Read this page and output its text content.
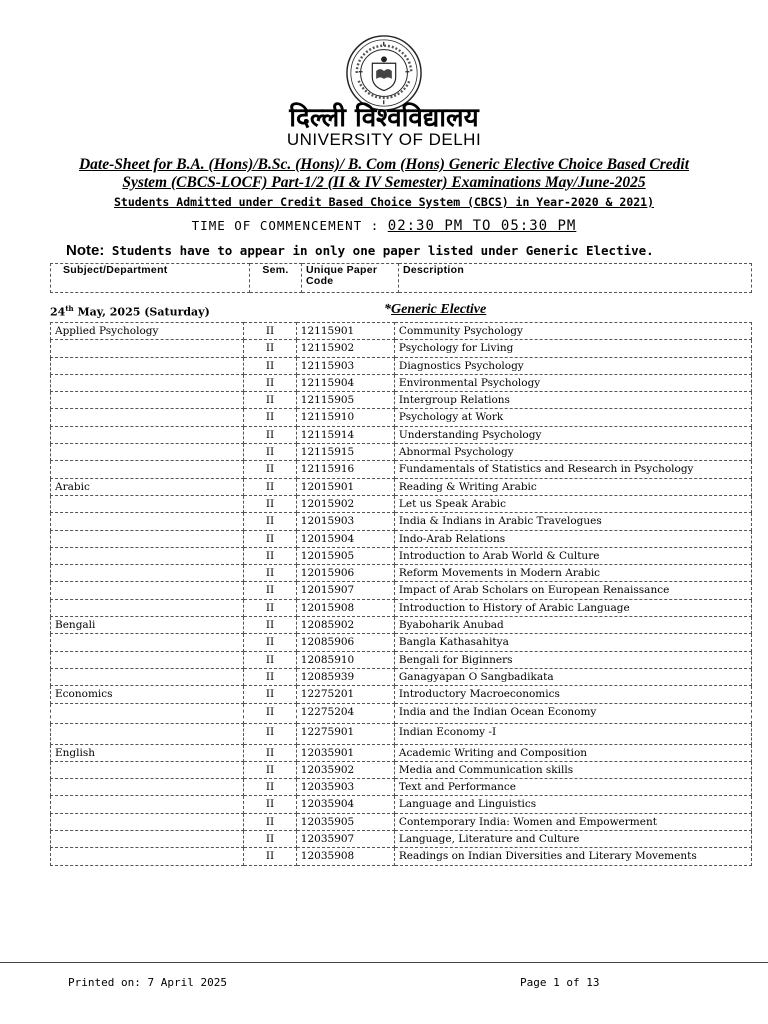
दिल्ली विश्वविद्यालय
UNIVERSITY OF DELHI
Date-Sheet for B.A. (Hons)/B.Sc. (Hons)/ B. Com (Hons) Generic Elective Choice Based Credit
System (CBCS-LOCF) Part-1/2 (II & IV Semester) Examinations May/June-2025
Students Admitted under Credit Based Choice System (CBCS) in Year-2020 & 2021)
TIME OF COMMENCEMENT : 02:30 PM TO 05:30 PM
Note: Students have to appear in only one paper listed under Generic Elective.
Subject/Department	Sem.	Unique Paper Code	Description
24th May, 2025 (Saturday)	*Generic Elective
Applied Psychology	II	12115901	Community Psychology
	II	12115902	Psychology for Living
	II	12115903	Diagnostics Psychology
	II	12115904	Environmental Psychology
	II	12115905	Intergroup Relations
	II	12115910	Psychology at Work
	II	12115914	Understanding Psychology
	II	12115915	Abnormal Psychology
	II	12115916	Fundamentals of Statistics and Research in Psychology
Arabic	II	12015901	Reading & Writing Arabic
	II	12015902	Let us Speak Arabic
	II	12015903	India & Indians in Arabic Travelogues
	II	12015904	Indo-Arab Relations
	II	12015905	Introduction to Arab World & Culture
	II	12015906	Reform Movements in Modern Arabic
	II	12015907	Impact of Arab Scholars on European Renaissance
	II	12015908	Introduction to History of Arabic Language
Bengali	II	12085902	Byaboharik Anubad
	II	12085906	Bangla Kathasahitya
	II	12085910	Bengali for Biginners
	II	12085939	Ganagyapan O Sangbadikata
Economics	II	12275201	Introductory Macroeconomics
	II	12275204	India and the Indian Ocean Economy
	II	12275901	Indian Economy -I
English	II	12035901	Academic Writing and Composition
	II	12035902	Media and Communication skills
	II	12035903	Text and Performance
	II	12035904	Language and Linguistics
	II	12035905	Contemporary India: Women and Empowerment
	II	12035907	Language, Literature and Culture
	II	12035908	Readings on Indian Diversities and Literary Movements
Printed on: 7 April 2025	Page 1 of 13
